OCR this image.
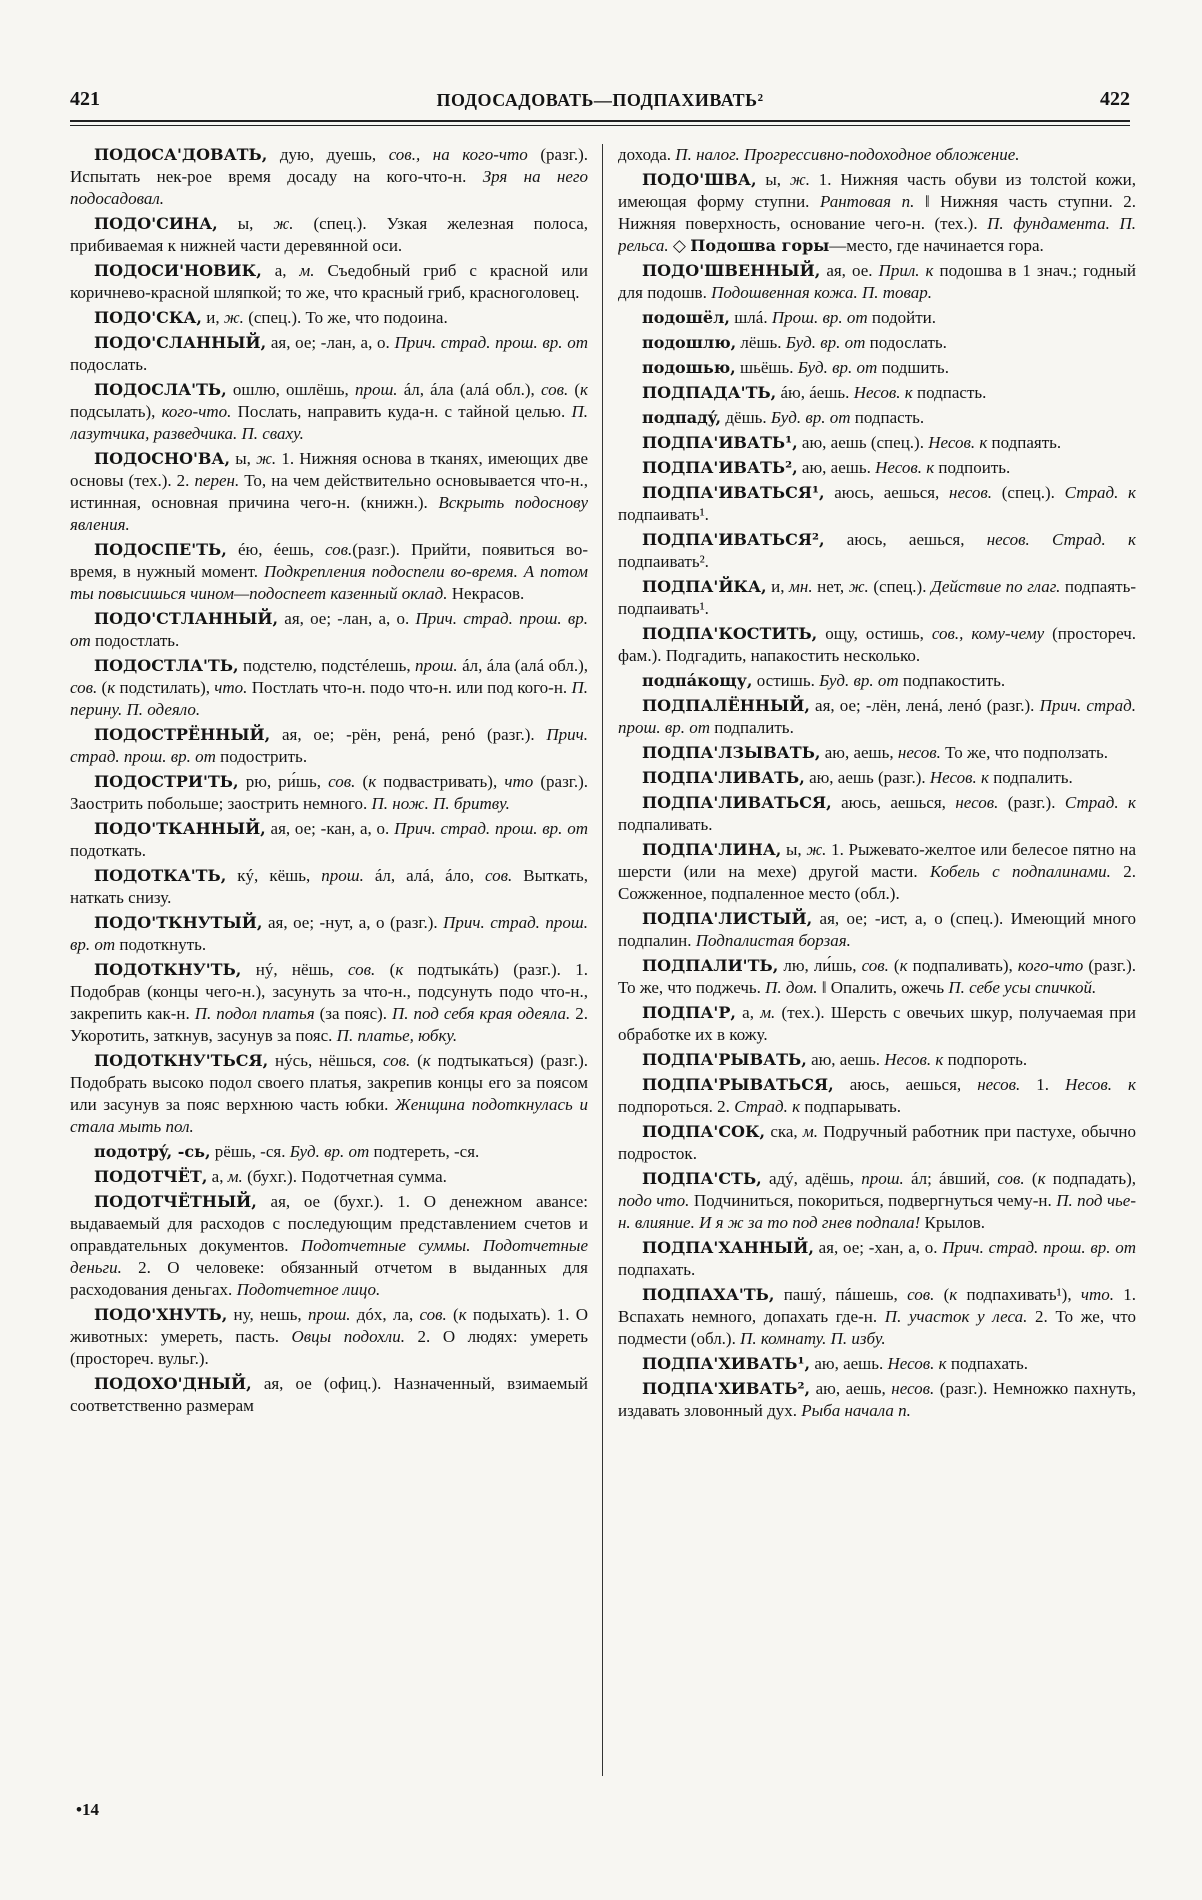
421	ПОДОСАДОВАТЬ—ПОДПАХИВАТЬ²	422

ПОДОСА'ДОВАТЬ, дую, дуешь, сов., на кого-что (разг.). Испытать нек-рое время досаду на кого-что-н. Зря на него подосадовал.

ПОДО'СИНА, ы, ж. (спец.). Узкая железная полоса, прибиваемая к нижней части деревянной оси.

ПОДОСИ'НОВИК, а, м. Съедобный гриб с красной или коричнево-красной шляпкой; то же, что красный гриб, красноголовец.

ПОДО'СКА, и, ж. (спец.). То же, что подоина.

ПОДО'СЛАННЫЙ, ая, ое; -лан, а, о. Прич. страд. прош. вр. от подослать.

ПОДОСЛА'ТЬ, ошлю, ошлёшь, прош. áл, áла (алá обл.), сов. (к подсылать), кого-что. Послать, направить куда-н. с тайной целью. П. лазутчика, разведчика. П. сваху.

ПОДОСНО'ВА, ы, ж. 1. Нижняя основа в тканях, имеющих две основы (тех.). 2. перен. То, на чем действительно основывается что-н., истинная, основная причина чего-н. (книжн.). Вскрыть подоснову явления.

ПОДОСПЕ'ТЬ, éю, éешь, сов.(разг.). Прийти, появиться во-время, в нужный момент. Подкрепления подоспели во-время. А потом ты повысишься чином—подоспеет казенный оклад. Некрасов.

ПОДО'СТЛАННЫЙ, ая, ое; -лан, а, о. Прич. страд. прош. вр. от подостлать.

ПОДОСТЛА'ТЬ, подстелю, подстéлешь, прош. áл, áла (алá обл.), сов. (к подстилать), что. Постлать что-н. подо что-н. или под кого-н. П. перину. П. одеяло.

ПОДОСТРЁННЫЙ, ая, ое; -рён, ренá, ренó (разг.). Прич. страд. прош. вр. от подострить.

ПОДОСТРИ'ТЬ, рю, ри́шь, сов. (к подвастривать), что (разг.). Заострить побольше; заострить немного. П. нож. П. бритву.

ПОДО'ТКАННЫЙ, ая, ое; -кан, а, о. Прич. страд. прош. вр. от подоткать.

ПОДОТКА'ТЬ, кý, кёшь, прош. áл, алá, áло, сов. Выткать, наткать снизу.

ПОДО'ТКНУТЫЙ, ая, ое; -нут, а, о (разг.). Прич. страд. прош. вр. от подоткнуть.

ПОДОТКНУ'ТЬ, нý, нёшь, сов. (к подтыкáть) (разг.). 1. Подобрав (концы чего-н.), засунуть за что-н., подсунуть подо что-н., закрепить как-н. П. подол платья (за пояс). П. под себя края одеяла. 2. Укоротить, заткнув, засунув за пояс. П. платье, юбку.

ПОДОТКНУ'ТЬСЯ, нýсь, нёшься, сов. (к подтыкаться) (разг.). Подобрать высоко подол своего платья, закрепив концы его за поясом или засунув за пояс верхнюю часть юбки. Женщина подоткнулась и стала мыть пол.

подотрý, -сь, рёшь, -ся. Буд. вр. от подтереть, -ся.

ПОДОТЧЁТ, а, м. (бухг.). Подотчетная сумма.

ПОДОТЧЁТНЫЙ, ая, ое (бухг.). 1. О денежном авансе: выдаваемый для расходов с последующим представлением счетов и оправдательных документов. Подотчетные суммы. Подотчетные деньги. 2. О человеке: обязанный отчетом в выданных для расходования деньгах. Подотчетное лицо.

ПОДО'ХНУТЬ, ну, нешь, прош. дóх, ла, сов. (к подыхать). 1. О животных: умереть, пасть. Овцы подохли. 2. О людях: умереть (простореч. вульг.).

ПОДОХО'ДНЫЙ, ая, ое (офиц.). Назначенный, взимаемый соответственно размерам

дохода. П. налог. Прогрессивно-подоходное обложение.

ПОДО'ШВА, ы, ж. 1. Нижняя часть обуви из толстой кожи, имеющая форму ступни. Рантовая п. ‖ Нижняя часть ступни. 2. Нижняя поверхность, основание чего-н. (тех.). П. фундамента. П. рельса. ◇ Подошва горы—место, где начинается гора.

ПОДО'ШВЕННЫЙ, ая, ое. Прил. к подошва в 1 знач.; годный для подошв. Подошвенная кожа. П. товар.

подошёл, шлá. Прош. вр. от подойти.

подошлю, лёшь. Буд. вр. от подослать.

подошью, шьёшь. Буд. вр. от подшить.

ПОДПАДА'ТЬ, áю, áешь. Несов. к подпасть.

подпадý, дёшь. Буд. вр. от подпасть.

ПОДПА'ИВАТЬ¹, аю, аешь (спец.). Несов. к подпаять.

ПОДПА'ИВАТЬ², аю, аешь. Несов. к подпоить.

ПОДПА'ИВАТЬСЯ¹, аюсь, аешься, несов. (спец.). Страд. к подпаивать¹.

ПОДПА'ИВАТЬСЯ², аюсь, аешься, несов. Страд. к подпаивать².

ПОДПА'ЙКА, и, мн. нет, ж. (спец.). Действие по глаг. подпаять-подпаивать¹.

ПОДПА'КОСТИТЬ, ощу, остишь, сов., кому-чему (простореч. фам.). Подгадить, напакостить несколько.

подпáкощу, остишь. Буд. вр. от подпакостить.

ПОДПАЛЁННЫЙ, ая, ое; -лён, ленá, ленó (разг.). Прич. страд. прош. вр. от подпалить.

ПОДПА'ЛЗЫВАТЬ, аю, аешь, несов. То же, что подползать.

ПОДПА'ЛИВАТЬ, аю, аешь (разг.). Несов. к подпалить.

ПОДПА'ЛИВАТЬСЯ, аюсь, аешься, несов. (разг.). Страд. к подпаливать.

ПОДПА'ЛИНА, ы, ж. 1. Рыжевато-желтое или белесое пятно на шерсти (или на мехе) другой масти. Кобель с подпалинами. 2. Сожженное, подпаленное место (обл.).

ПОДПА'ЛИСТЫЙ, ая, ое; -ист, а, о (спец.). Имеющий много подпалин. Подпалистая борзая.

ПОДПАЛИ'ТЬ, лю, ли́шь, сов. (к подпаливать), кого-что (разг.). То же, что поджечь. П. дом. ‖ Опалить, ожечь П. себе усы спичкой.

ПОДПА'Р, а, м. (тех.). Шерсть с овечьих шкур, получаемая при обработке их в кожу.

ПОДПА'РЫВАТЬ, аю, аешь. Несов. к подпороть.

ПОДПА'РЫВАТЬСЯ, аюсь, аешься, несов. 1. Несов. к подпороться. 2. Страд. к подпарывать.

ПОДПА'СОК, ска, м. Подручный работник при пастухе, обычно подросток.

ПОДПА'СТЬ, адý, адёшь, прош. áл; áвший, сов. (к подпадать), подо что. Подчиниться, покориться, подвергнуться чему-н. П. под чье-н. влияние. И я ж за то под гнев подпала! Крылов.

ПОДПА'ХАННЫЙ, ая, ое; -хан, а, о. Прич. страд. прош. вр. от подпахать.

ПОДПАХА'ТЬ, пашý, пáшешь, сов. (к подпахивать¹), что. 1. Вспахать немного, допахать где-н. П. участок у леса. 2. То же, что подмести (обл.). П. комнату. П. избу.

ПОДПА'ХИВАТЬ¹, аю, аешь. Несов. к подпахать.

ПОДПА'ХИВАТЬ², аю, аешь, несов. (разг.). Немножко пахнуть, издавать зловонный дух. Рыба начала п.

•14
